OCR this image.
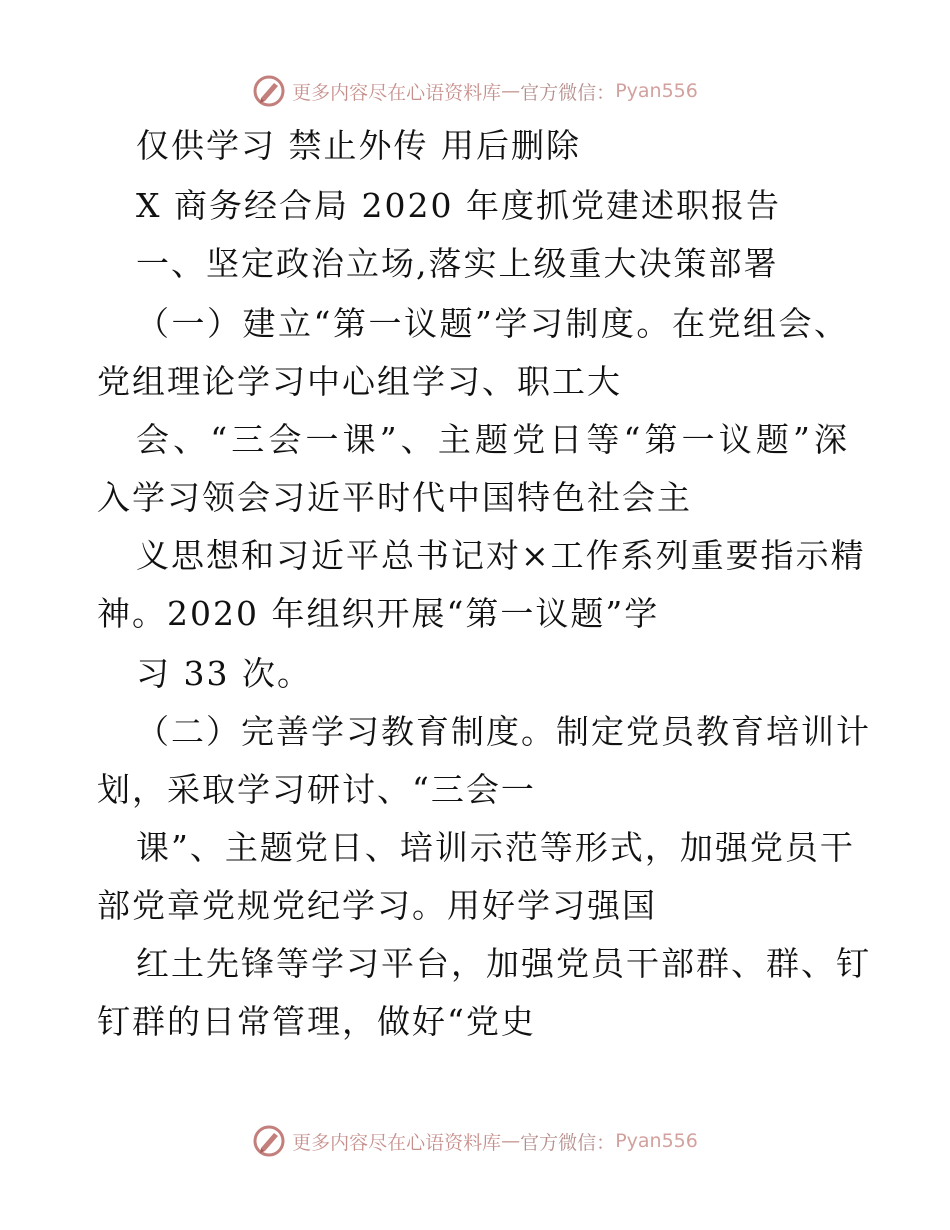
更多内容尽在心语资料库 — 官方微信： Pyan556
仅供学习 禁止外传 用后删除
X 商务经合局 2020 年度抓党建述职报告
一、坚定政治立场,落实上级重大决策部署
（一）建立“第一议题”学习制度。在党组会、
党组理论学习中心组学习、职工大
会、“三会一课”、主题党日等“第一议题”深
入学习领会习近平时代中国特色社会主
义思想和习近平总书记对×工作系列重要指示精
神。2020 年组织开展“第一议题”学
习 33 次。
（二）完善学习教育制度。制定党员教育培训计
划，采取学习研讨、“三会一
课”、主题党日、培训示范等形式，加强党员干
部党章党规党纪学习。用好学习强国
红土先锋等学习平台，加强党员干部群、群、钉
钉群的日常管理，做好“党史
更多内容尽在心语资料库 — 官方微信： Pyan556
